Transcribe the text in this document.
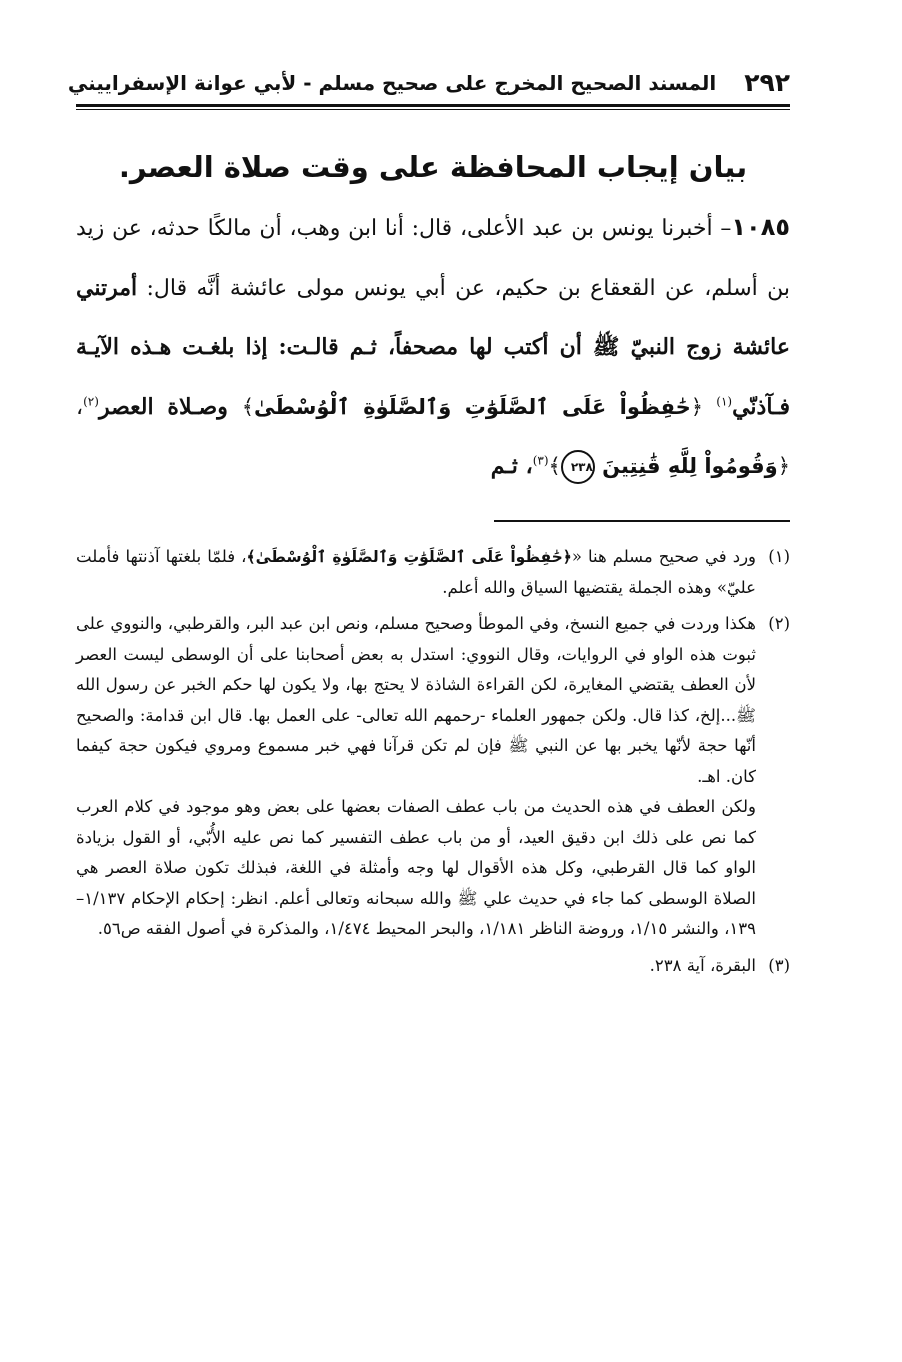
٢٩٢
المسند الصحيح المخرج على صحيح مسلم - لأبي عوانة الإسفراييني
بيان إيجاب المحافظة على وقت صلاة العصر.
١٠٨٥– أخبرنا يونس بن عبد الأعلى، قال: أنا ابن وهب، أن مالكًا حدثه، عن زيد بن أسلم، عن القعقاع بن حكيم، عن أبي يونس مولى عائشة أنَّه قال: أمرتني عائشة زوج النبيّ ﷺ أن أكتب لها مصحفاً، ثـم قالـت: إذا بلغـت هـذه الآيـة فـآذنّي$^{(١)}$ ﴿حَٰفِظُواْ عَلَى ٱلصَّلَوَٰتِ وَٱلصَّلَوٰةِ ٱلْوُسْطَىٰ﴾ وصـلاة العصر$^{(٢)}$، ﴿وَقُومُواْ لِلَّهِ قَٰنِتِينَ ٢٣٨﴾$^{(٣)}$، ثـم
(١)
ورد في صحيح مسلم هنا «﴿حَٰفِظُواْ عَلَى ٱلصَّلَوَٰتِ وَٱلصَّلَوٰةِ ٱلْوُسْطَىٰ﴾، فلمّا بلغتها آذنتها فأملت عليّ» وهذه الجملة يقتضيها السياق والله أعلم.
(٢)
هكذا وردت في جميع النسخ، وفي الموطأ وصحيح مسلم، ونص ابن عبد البر، والقرطبي، والنووي على ثبوت هذه الواو في الروايات، وقال النووي: استدل به بعض أصحابنا على أن الوسطى ليست العصر لأن العطف يقتضي المغايرة، لكن القراءة الشاذة لا يحتج بها، ولا يكون لها حكم الخبر عن رسول الله ﷺ...إلخ، كذا قال. ولكن جمهور العلماء -رحمهم الله تعالى- على العمل بها. قال ابن قدامة: والصحيح أنّها حجة لأنّها يخبر بها عن النبي ﷺ فإن لم تكن قرآنا فهي خبر مسموع ومروي فيكون حجة كيفما كان. اهـ.
ولكن العطف في هذه الحديث من باب عطف الصفات بعضها على بعض وهو موجود في كلام العرب كما نص على ذلك ابن دقيق العيد، أو من باب عطف التفسير كما نص عليه الأُبّي، أو القول بزيادة الواو كما قال القرطبي، وكل هذه الأقوال لها وجه وأمثلة في اللغة، فبذلك تكون صلاة العصر هي الصلاة الوسطى كما جاء في حديث علي ﷺ والله سبحانه وتعالى أعلم. انظر: إحكام الإحكام ١/١٣٧– ١٣٩، والنشر ١/١٥، وروضة الناظر ١/١٨١، والبحر المحيط ١/٤٧٤، والمذكرة في أصول الفقه ص٥٦.
(٣)
البقرة، آية ٢٣٨.
